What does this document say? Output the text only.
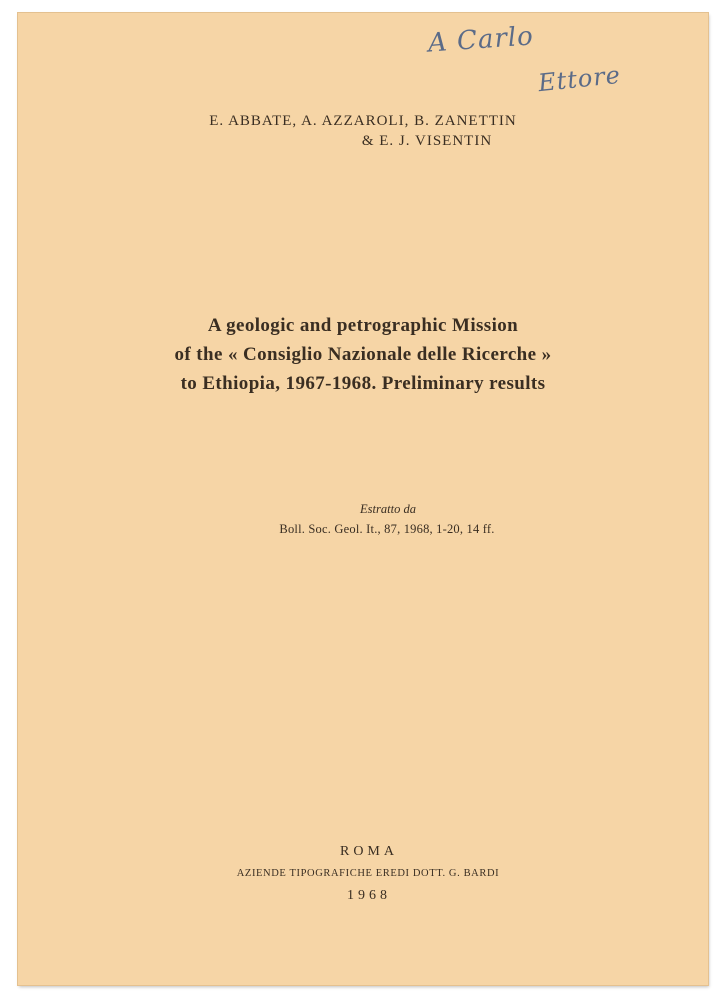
A Carlo
Ettore
E. ABBATE, A. AZZAROLI, B. ZANETTIN
& E. J. VISENTIN
A geologic and petrographic Mission
of the « Consiglio Nazionale delle Ricerche »
to Ethiopia, 1967-1968. Preliminary results
Estratto da
Boll. Soc. Geol. It., 87, 1968, 1-20, 14 ff.
ROMA
AZIENDE TIPOGRAFICHE EREDI DOTT. G. BARDI
1968
